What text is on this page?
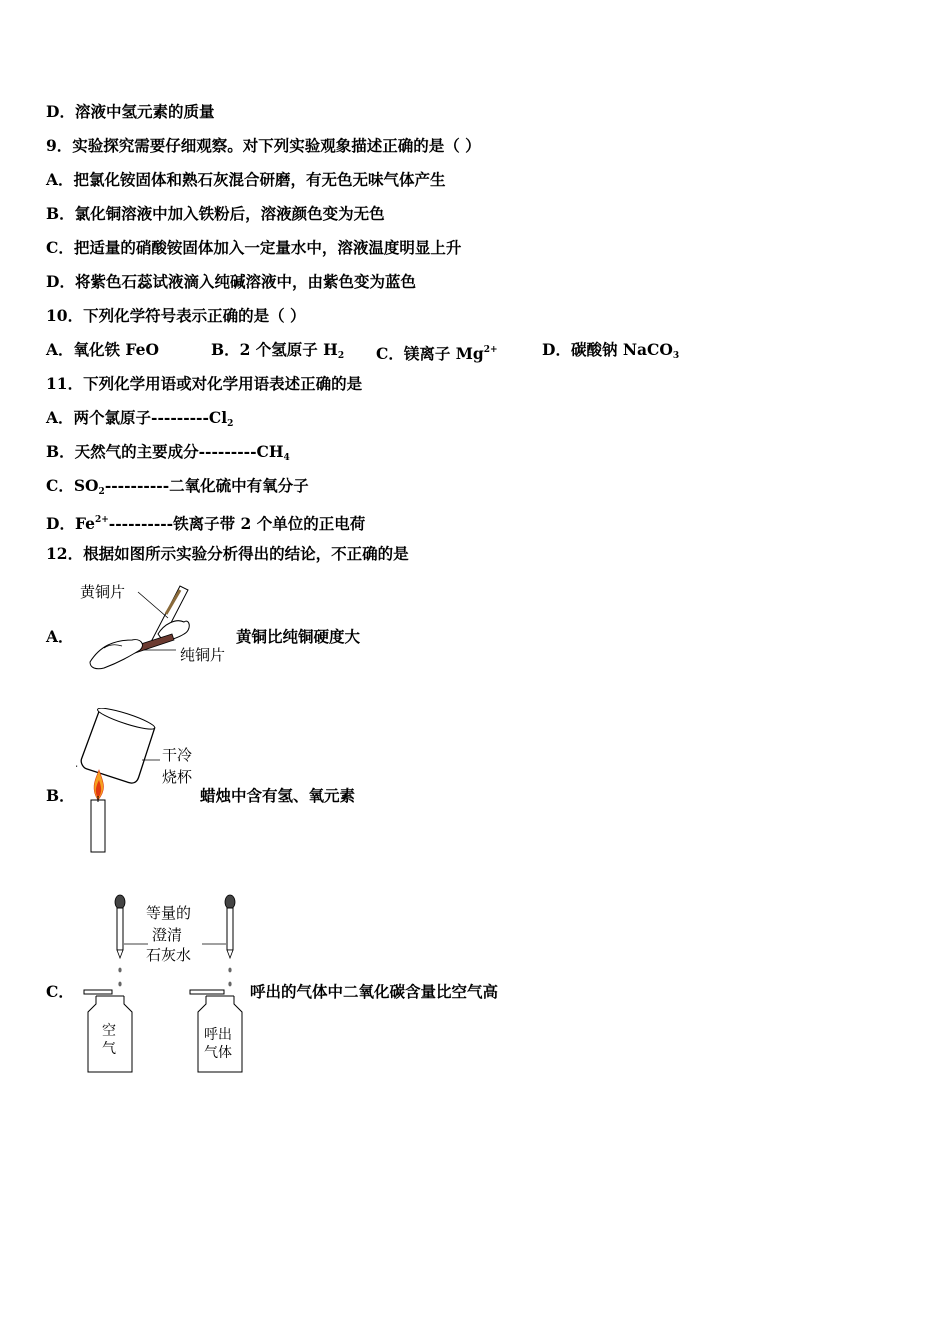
D．溶液中氢元素的质量
9．实验探究需要仔细观察。对下列实验观象描述正确的是（ ）
A．把氯化铵固体和熟石灰混合研磨，有无色无味气体产生
B．氯化铜溶液中加入铁粉后，溶液颜色变为无色
C．把适量的硝酸铵固体加入一定量水中，溶液温度明显上升
D．将紫色石蕊试液滴入纯碱溶液中，由紫色变为蓝色
10．下列化学符号表示正确的是（ ）
A．氧化铁 FeO	B．2 个氢原子 $H_2$ C．镁离子 $Mg^{2+}$	D．碳酸钠 NaCO$_3$
11．下列化学用语或对化学用语表述正确的是
A．两个氯原子$---------Cl_2$
B．天然气的主要成分$---------CH_4$
C．$SO_2----------$二氧化硫中有氧分子
D．$Fe^{2+}----------$铁离子带 2 个单位的正电荷
12．根据如图所示实验分析得出的结论，不正确的是
A．
黄铜片
纯铜片
黄铜比纯铜硬度大
B．
干冷
烧杯
蜡烛中含有氢、氧元素
C．
等量的
澄清
石灰水
空
气
呼出
气体
呼出的气体中二氧化碳含量比空气高
